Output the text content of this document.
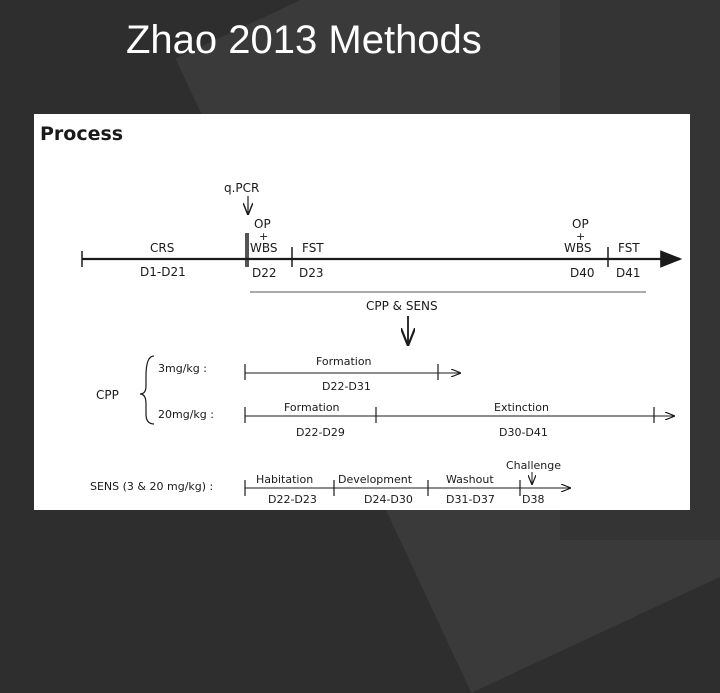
Zhao 2013 Methods
Process
q.PCR
CRS
D1-D21
OP
+
WBS
D22
FST
D23
OP
+
WBS
D40
FST
D41
CPP & SENS
CPP
3mg/kg :
Formation
D22-D31
20mg/kg :
Formation
D22-D29
Extinction
D30-D41
SENS (3 & 20 mg/kg) :
Habitation
D22-D23
Development
D24-D30
Washout
D31-D37
Challenge
D38
